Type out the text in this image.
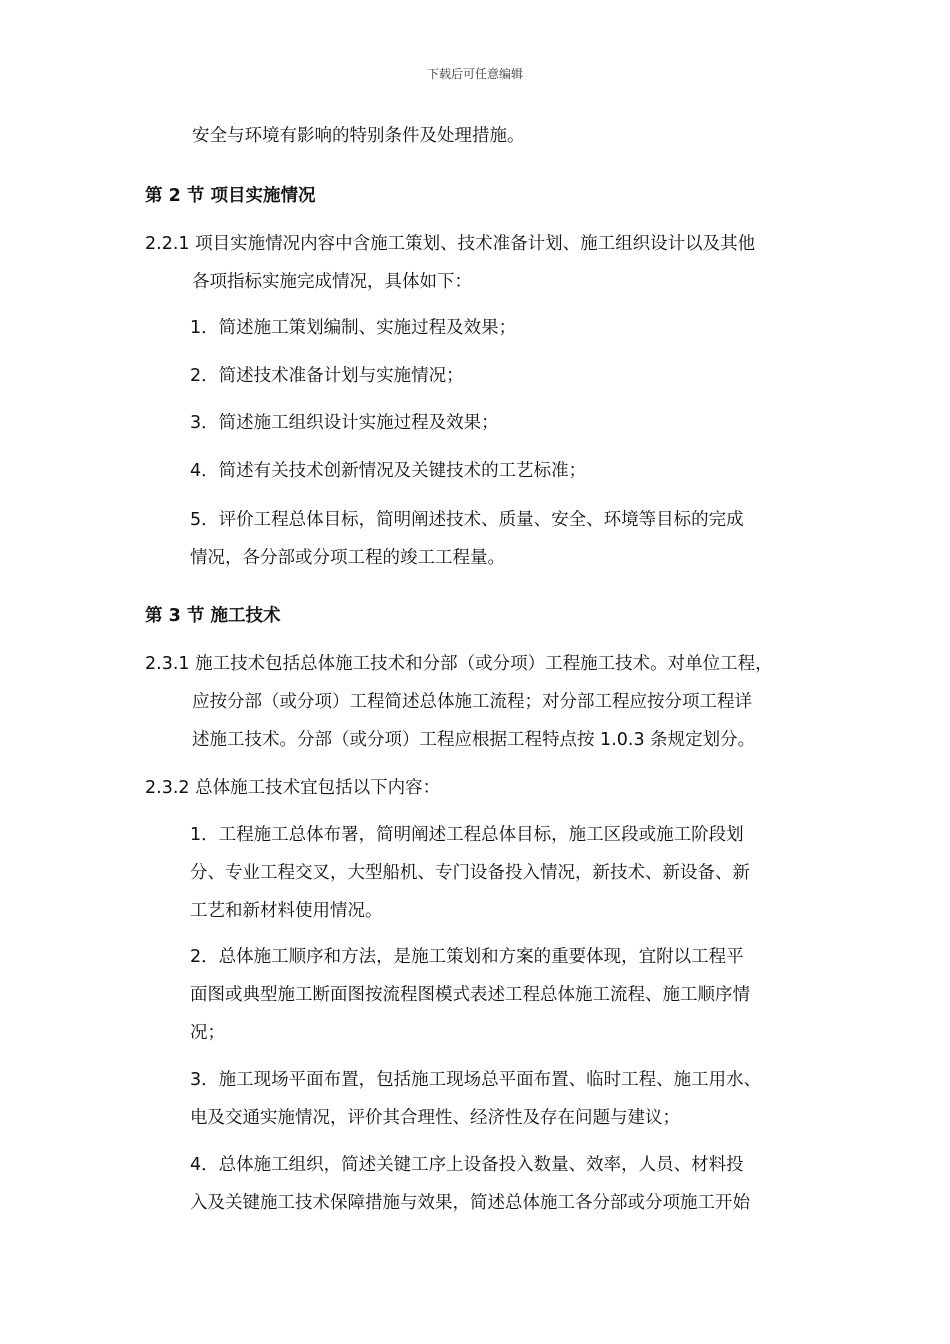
下载后可任意编辑
安全与环境有影响的特别条件及处理措施。
第 2 节 项目实施情况
2.2.1 项目实施情况内容中含施工策划、技术准备计划、施工组织设计以及其他
各项指标实施完成情况，具体如下：
1．简述施工策划编制、实施过程及效果；
2．简述技术准备计划与实施情况；
3．简述施工组织设计实施过程及效果；
4．简述有关技术创新情况及关键技术的工艺标准；
5．评价工程总体目标，简明阐述技术、质量、安全、环境等目标的完成
情况，各分部或分项工程的竣工工程量。
第 3 节 施工技术
2.3.1 施工技术包括总体施工技术和分部（或分项）工程施工技术。对单位工程，
应按分部（或分项）工程简述总体施工流程；对分部工程应按分项工程详
述施工技术。分部（或分项）工程应根据工程特点按 1.0.3 条规定划分。
2.3.2 总体施工技术宜包括以下内容：
1．工程施工总体布署，简明阐述工程总体目标，施工区段或施工阶段划
分、专业工程交叉，大型船机、专门设备投入情况，新技术、新设备、新
工艺和新材料使用情况。
2．总体施工顺序和方法，是施工策划和方案的重要体现，宜附以工程平
面图或典型施工断面图按流程图模式表述工程总体施工流程、施工顺序情
况；
3．施工现场平面布置，包括施工现场总平面布置、临时工程、施工用水、
电及交通实施情况，评价其合理性、经济性及存在问题与建议；
4．总体施工组织，简述关键工序上设备投入数量、效率，人员、材料投
入及关键施工技术保障措施与效果，简述总体施工各分部或分项施工开始
